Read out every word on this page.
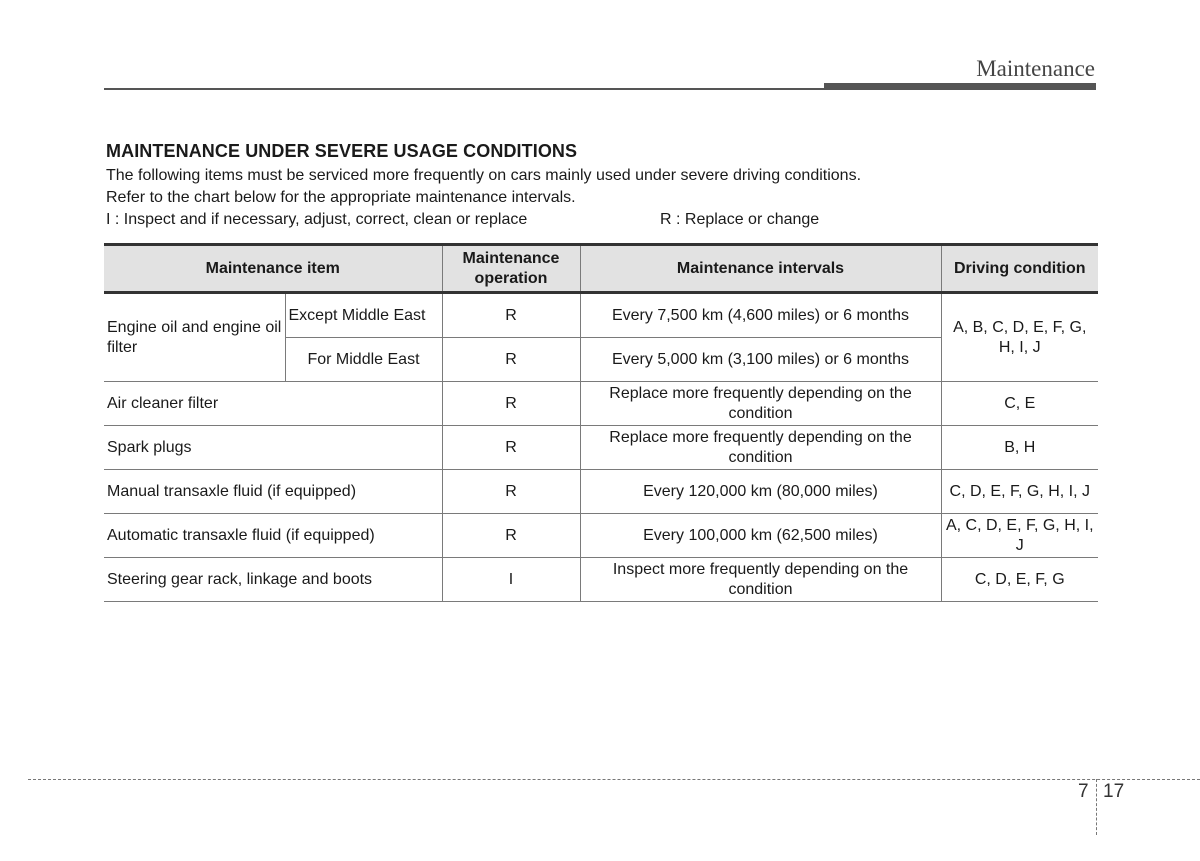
Maintenance
MAINTENANCE UNDER SEVERE USAGE CONDITIONS
The following items must be serviced more frequently on cars mainly used under severe driving conditions.
Refer to the chart below for the appropriate maintenance intervals.
I : Inspect and if necessary, adjust, correct, clean or replace	R : Replace or change
Maintenance item		Maintenance operation	Maintenance intervals	Driving condition
Engine oil and engine oil filter	Except Middle East	R	Every 7,500 km (4,600 miles) or 6 months	A, B, C, D, E, F, G, H, I, J
	For Middle East	R	Every 5,000 km (3,100 miles) or 6 months	
Air cleaner filter		R	Replace more frequently depending on the condition	C, E
Spark plugs		R	Replace more frequently depending on the condition	B, H
Manual transaxle fluid (if equipped)		R	Every 120,000 km (80,000 miles)	C, D, E, F, G, H, I, J
Automatic transaxle fluid (if equipped)		R	Every 100,000 km (62,500 miles)	A, C, D, E, F, G, H, I, J
Steering gear rack, linkage and boots		I	Inspect more frequently depending on the condition	C, D, E, F, G
7 17
